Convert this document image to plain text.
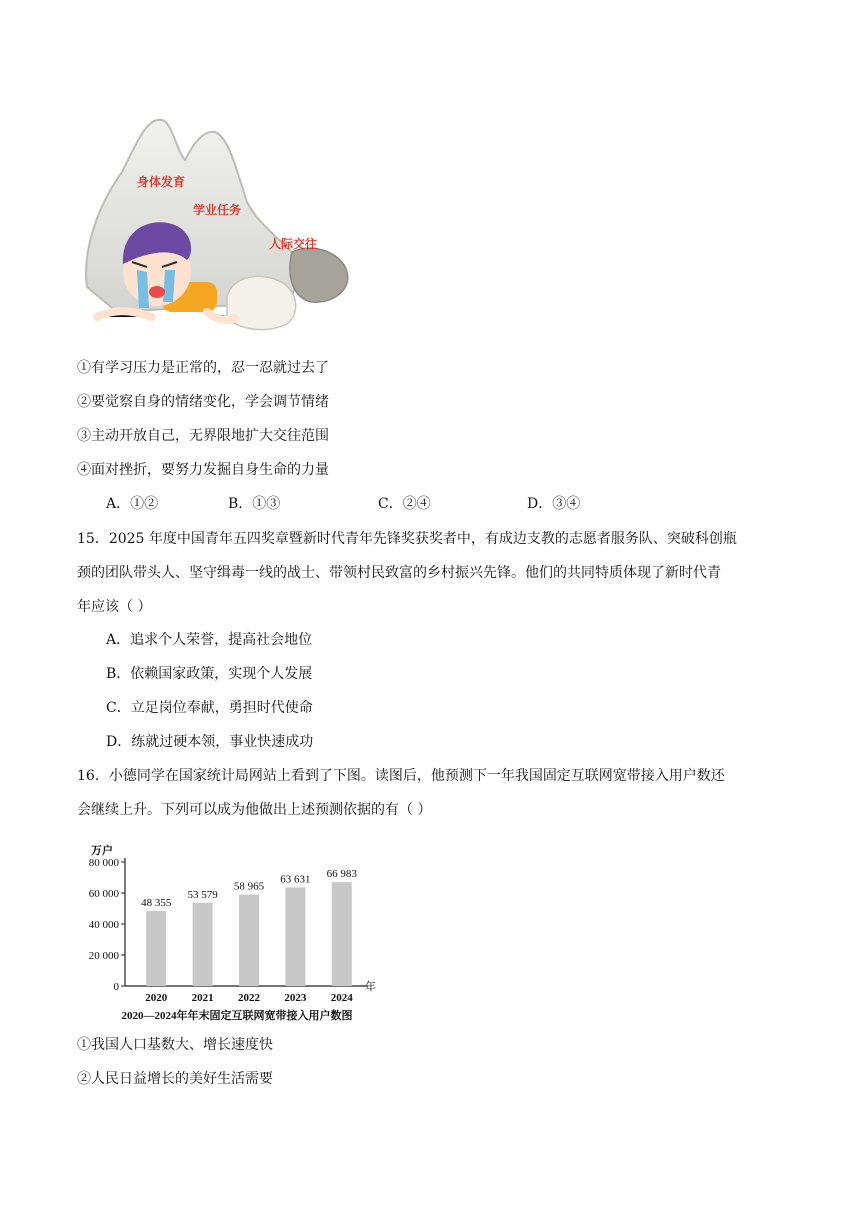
身体发育
学业任务
人际交往
①有学习压力是正常的，忍一忍就过去了
②要觉察自身的情绪变化，学会调节情绪
③主动开放自己，无界限地扩大交往范围
④面对挫折，要努力发掘自身生命的力量
A．①②	B．①③	C．②④	D．③④
15．2025 年度中国青年五四奖章暨新时代青年先锋奖获奖者中，有成边支教的志愿者服务队、突破科创瓶
颈的团队带头人、坚守缉毒一线的战士、带领村民致富的乡村振兴先锋。他们的共同特质体现了新时代青
年应该（ ）
A．追求个人荣誉，提高社会地位
B．依赖国家政策，实现个人发展
C．立足岗位奉献，勇担时代使命
D．练就过硬本领，事业快速成功
16．小德同学在国家统计局网站上看到了下图。读图后，他预测下一年我国固定互联网宽带接入用户数还
会继续上升。下列可以成为他做出上述预测依据的有（ ）
0
20 000
40 000
60 000
80 000
万户
48 355
2020
53 579
2021
58 965
2022
63 631
2023
66 983
2024
年
2020—2024年年末固定互联网宽带接入用户数图
①我国人口基数大、增长速度快
②人民日益增长的美好生活需要
